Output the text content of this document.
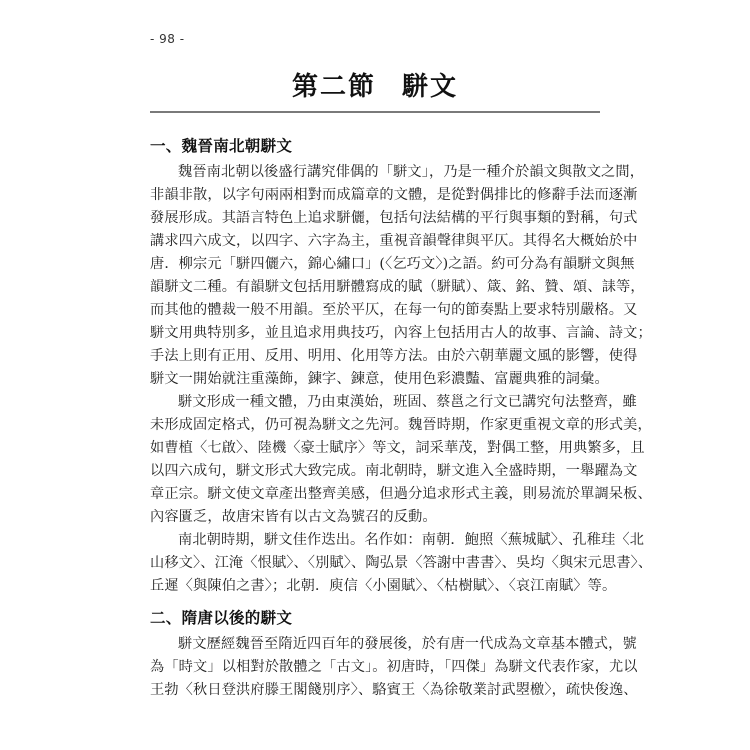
- 98 -
第二節 駢文
一、魏晉南北朝駢文
魏晉南北朝以後盛行講究俳偶的「駢文」，乃是一種介於韻文與散文之間，
非韻非散，以字句兩兩相對而成篇章的文體，是從對偶排比的修辭手法而逐漸
發展形成。其語言特色上追求駢儷，包括句法結構的平行與事類的對稱，句式
講求四六成文，以四字、六字為主，重視音韻聲律與平仄。其得名大概始於中
唐．柳宗元「駢四儷六，錦心繡口」(〈乞巧文〉)之語。約可分為有韻駢文與無
韻駢文二種。有韻駢文包括用駢體寫成的賦（駢賦）、箴、銘、贊、頌、誄等，
而其他的體裁一般不用韻。至於平仄，在每一句的節奏點上要求特別嚴格。又
駢文用典特別多，並且追求用典技巧，內容上包括用古人的故事、言論、詩文；
手法上則有正用、反用、明用、化用等方法。由於六朝華麗文風的影響，使得
駢文一開始就注重藻飾，鍊字、鍊意，使用色彩濃豔、富麗典雅的詞彙。
駢文形成一種文體，乃由東漢始，班固、蔡邕之行文已講究句法整齊，雖
未形成固定格式，仍可視為駢文之先河。魏晉時期，作家更重視文章的形式美，
如曹植〈七啟〉、陸機〈豪士賦序〉等文，詞采華茂，對偶工整，用典繁多，且
以四六成句，駢文形式大致完成。南北朝時，駢文進入全盛時期，一舉躍為文
章正宗。駢文使文章產出整齊美感，但過分追求形式主義，則易流於單調呆板、
內容匱乏，故唐宋皆有以古文為號召的反動。
南北朝時期，駢文佳作迭出。名作如：南朝．鮑照〈蕪城賦〉、孔稚珪〈北
山移文〉、江淹〈恨賦〉、〈別賦〉、陶弘景〈答謝中書書〉、吳均〈與宋元思書〉、
丘遲〈與陳伯之書〉；北朝．庾信〈小園賦〉、〈枯樹賦〉、〈哀江南賦〉等。
二、隋唐以後的駢文
駢文歷經魏晉至隋近四百年的發展後，於有唐一代成為文章基本體式，號
為「時文」以相對於散體之「古文」。初唐時，「四傑」為駢文代表作家，尤以
王勃〈秋日登洪府滕王閣餞別序〉、駱賓王〈為徐敬業討武曌檄〉，疏快俊逸、
